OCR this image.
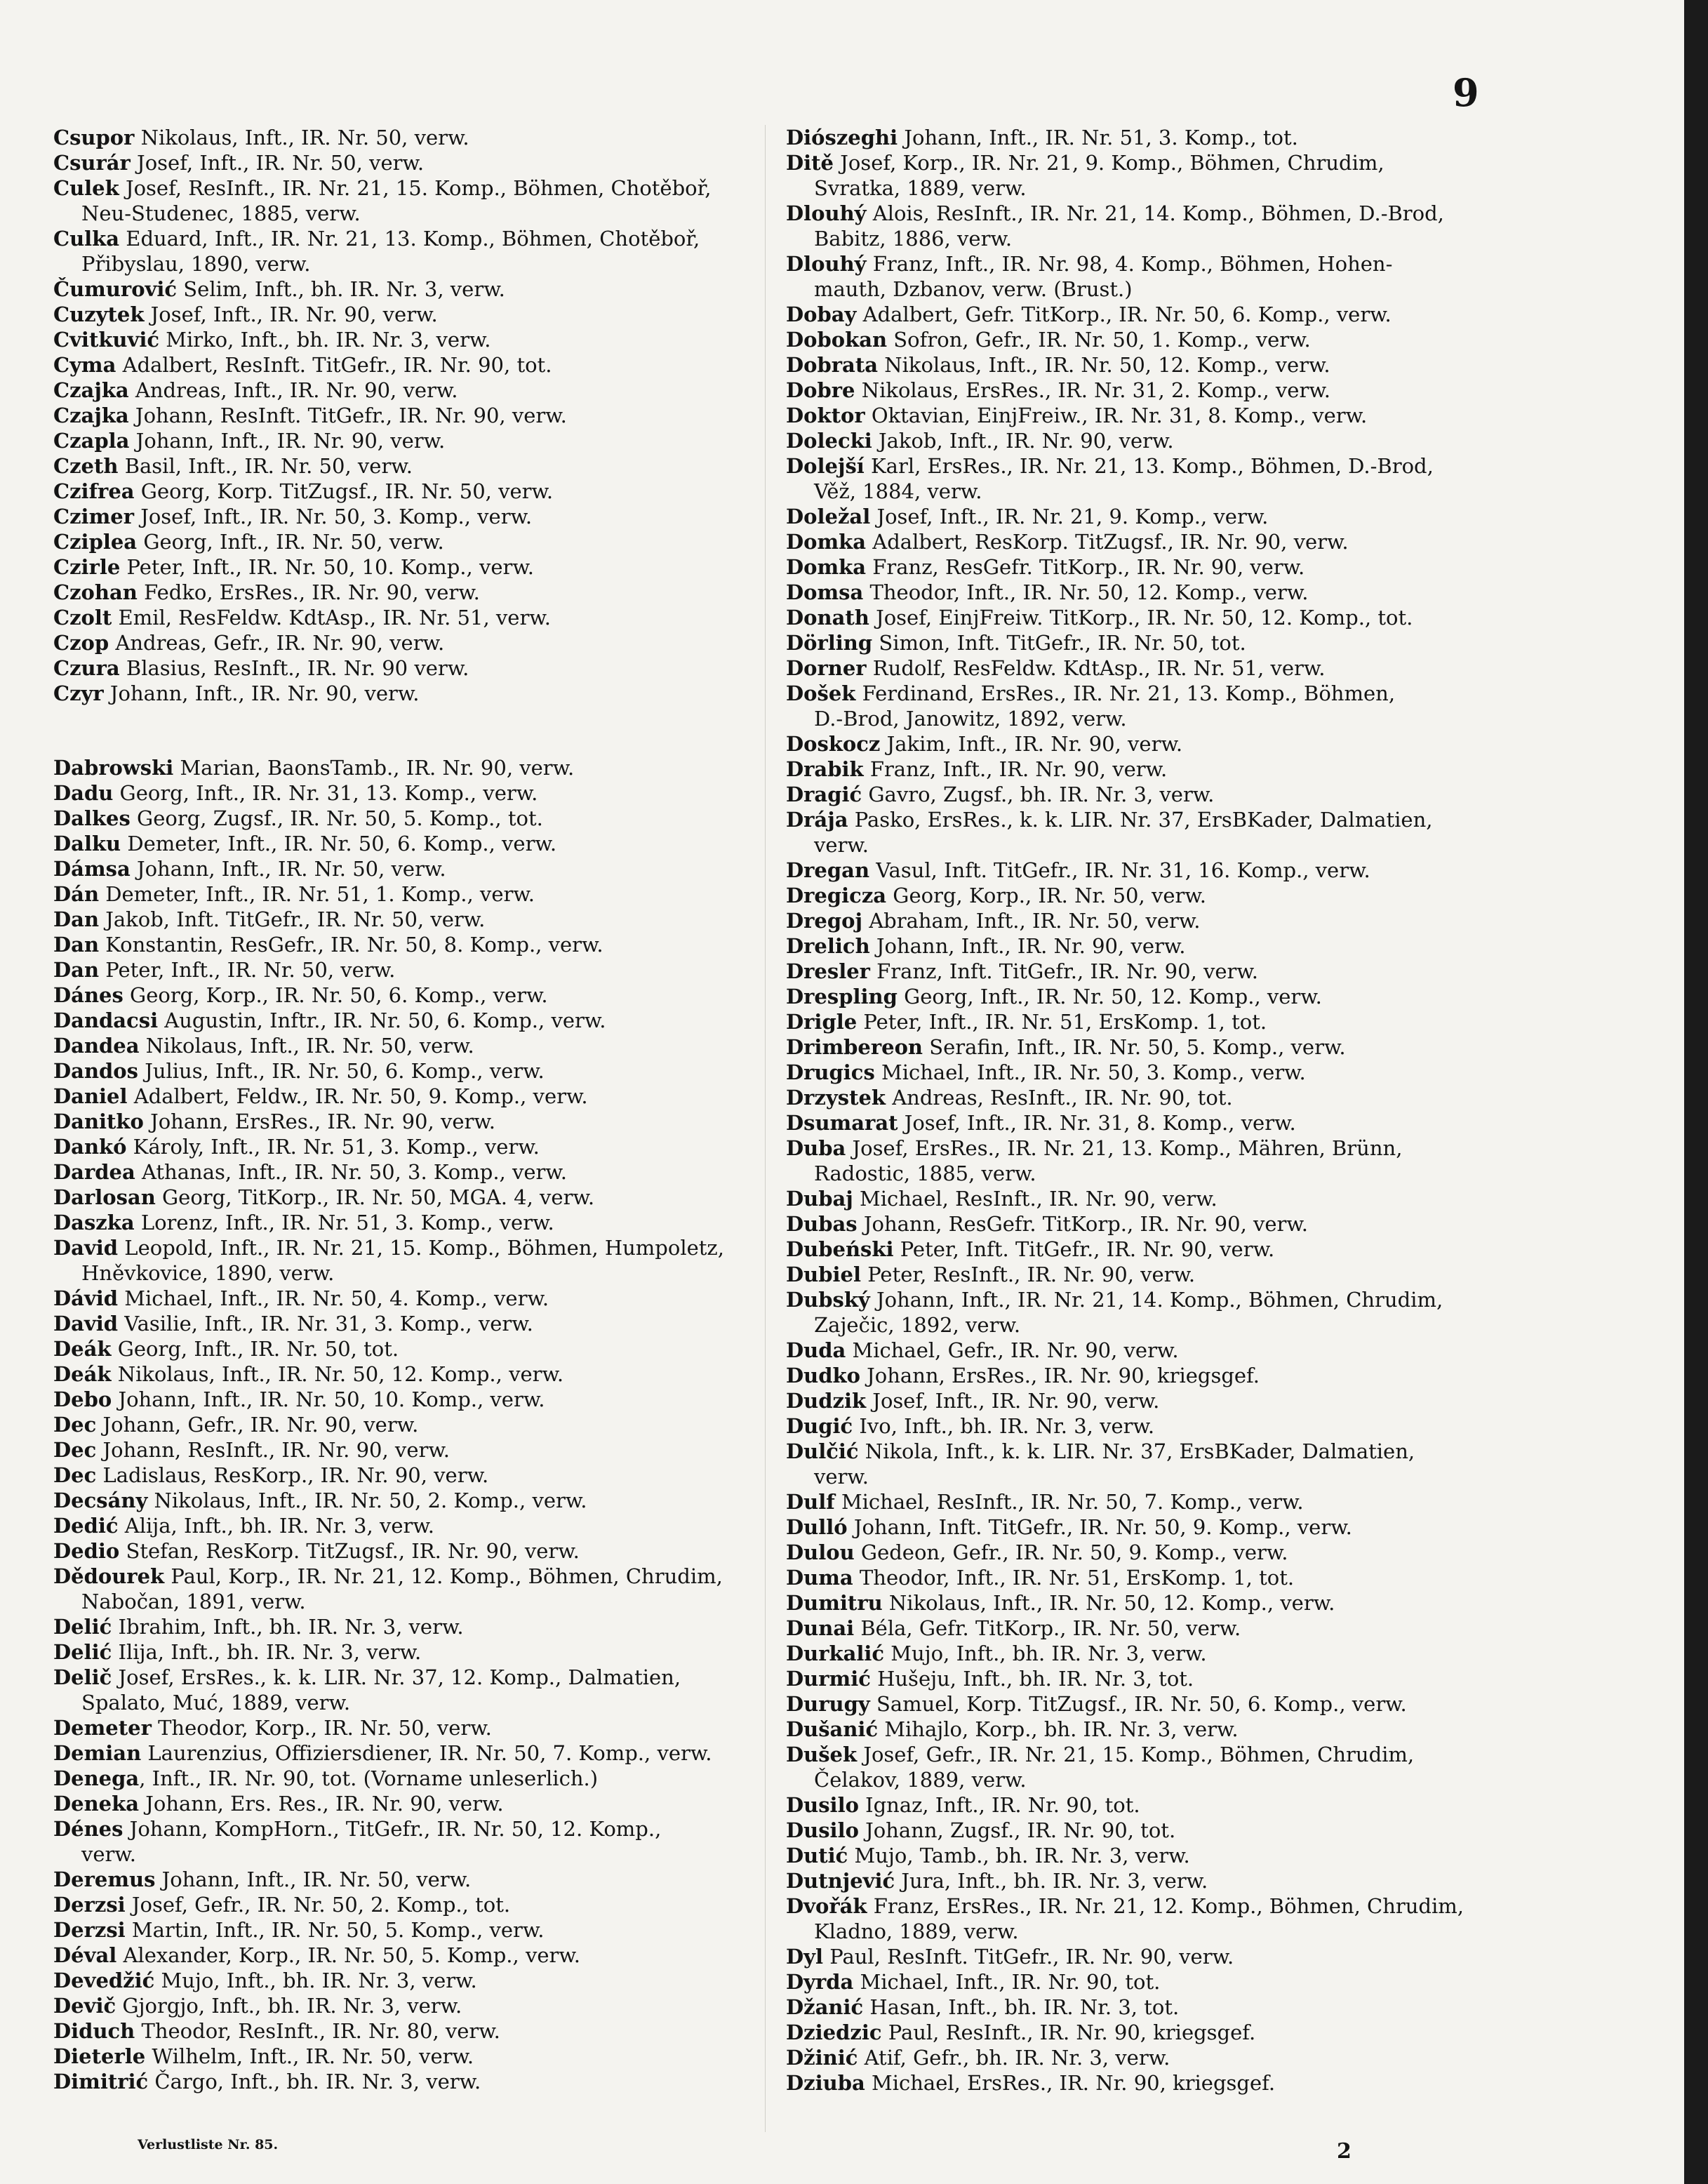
9
Csupor Nikolaus, Inft., IR. Nr. 50, verw.
Csurár Josef, Inft., IR. Nr. 50, verw.
Culek Josef, ResInft., IR. Nr. 21, 15. Komp., Böhmen, Chotěboř,
Neu-Studenec, 1885, verw.
Culka Eduard, Inft., IR. Nr. 21, 13. Komp., Böhmen, Chotěboř,
Přibyslau, 1890, verw.
Čumurović Selim, Inft., bh. IR. Nr. 3, verw.
Cuzytek Josef, Inft., IR. Nr. 90, verw.
Cvitkuvić Mirko, Inft., bh. IR. Nr. 3, verw.
Cyma Adalbert, ResInft. TitGefr., IR. Nr. 90, tot.
Czajka Andreas, Inft., IR. Nr. 90, verw.
Czajka Johann, ResInft. TitGefr., IR. Nr. 90, verw.
Czapla Johann, Inft., IR. Nr. 90, verw.
Czeth Basil, Inft., IR. Nr. 50, verw.
Czifrea Georg, Korp. TitZugsf., IR. Nr. 50, verw.
Czimer Josef, Inft., IR. Nr. 50, 3. Komp., verw.
Cziplea Georg, Inft., IR. Nr. 50, verw.
Czirle Peter, Inft., IR. Nr. 50, 10. Komp., verw.
Czohan Fedko, ErsRes., IR. Nr. 90, verw.
Czolt Emil, ResFeldw. KdtAsp., IR. Nr. 51, verw.
Czop Andreas, Gefr., IR. Nr. 90, verw.
Czura Blasius, ResInft., IR. Nr. 90 verw.
Czyr Johann, Inft., IR. Nr. 90, verw.
Dabrowski Marian, BaonsTamb., IR. Nr. 90, verw.
Dadu Georg, Inft., IR. Nr. 31, 13. Komp., verw.
Dalkes Georg, Zugsf., IR. Nr. 50, 5. Komp., tot.
Dalku Demeter, Inft., IR. Nr. 50, 6. Komp., verw.
Dámsa Johann, Inft., IR. Nr. 50, verw.
Dán Demeter, Inft., IR. Nr. 51, 1. Komp., verw.
Dan Jakob, Inft. TitGefr., IR. Nr. 50, verw.
Dan Konstantin, ResGefr., IR. Nr. 50, 8. Komp., verw.
Dan Peter, Inft., IR. Nr. 50, verw.
Dánes Georg, Korp., IR. Nr. 50, 6. Komp., verw.
Dandacsi Augustin, Inftr., IR. Nr. 50, 6. Komp., verw.
Dandea Nikolaus, Inft., IR. Nr. 50, verw.
Dandos Julius, Inft., IR. Nr. 50, 6. Komp., verw.
Daniel Adalbert, Feldw., IR. Nr. 50, 9. Komp., verw.
Danitko Johann, ErsRes., IR. Nr. 90, verw.
Dankó Károly, Inft., IR. Nr. 51, 3. Komp., verw.
Dardea Athanas, Inft., IR. Nr. 50, 3. Komp., verw.
Darlosan Georg, TitKorp., IR. Nr. 50, MGA. 4, verw.
Daszka Lorenz, Inft., IR. Nr. 51, 3. Komp., verw.
David Leopold, Inft., IR. Nr. 21, 15. Komp., Böhmen, Humpoletz,
Hněvkovice, 1890, verw.
Dávid Michael, Inft., IR. Nr. 50, 4. Komp., verw.
David Vasilie, Inft., IR. Nr. 31, 3. Komp., verw.
Deák Georg, Inft., IR. Nr. 50, tot.
Deák Nikolaus, Inft., IR. Nr. 50, 12. Komp., verw.
Debo Johann, Inft., IR. Nr. 50, 10. Komp., verw.
Dec Johann, Gefr., IR. Nr. 90, verw.
Dec Johann, ResInft., IR. Nr. 90, verw.
Dec Ladislaus, ResKorp., IR. Nr. 90, verw.
Decsány Nikolaus, Inft., IR. Nr. 50, 2. Komp., verw.
Dedić Alija, Inft., bh. IR. Nr. 3, verw.
Dedio Stefan, ResKorp. TitZugsf., IR. Nr. 90, verw.
Dědourek Paul, Korp., IR. Nr. 21, 12. Komp., Böhmen, Chrudim,
Nabočan, 1891, verw.
Delić Ibrahim, Inft., bh. IR. Nr. 3, verw.
Delić Ilija, Inft., bh. IR. Nr. 3, verw.
Delič Josef, ErsRes., k. k. LIR. Nr. 37, 12. Komp., Dalmatien,
Spalato, Muć, 1889, verw.
Demeter Theodor, Korp., IR. Nr. 50, verw.
Demian Laurenzius, Offiziersdiener, IR. Nr. 50, 7. Komp., verw.
Denega, Inft., IR. Nr. 90, tot. (Vorname unleserlich.)
Deneka Johann, Ers. Res., IR. Nr. 90, verw.
Dénes Johann, KompHorn., TitGefr., IR. Nr. 50, 12. Komp.,
verw.
Deremus Johann, Inft., IR. Nr. 50, verw.
Derzsi Josef, Gefr., IR. Nr. 50, 2. Komp., tot.
Derzsi Martin, Inft., IR. Nr. 50, 5. Komp., verw.
Déval Alexander, Korp., IR. Nr. 50, 5. Komp., verw.
Devedžić Mujo, Inft., bh. IR. Nr. 3, verw.
Devič Gjorgjo, Inft., bh. IR. Nr. 3, verw.
Diduch Theodor, ResInft., IR. Nr. 80, verw.
Dieterle Wilhelm, Inft., IR. Nr. 50, verw.
Dimitrić Čargo, Inft., bh. IR. Nr. 3, verw.
Diószeghi Johann, Inft., IR. Nr. 51, 3. Komp., tot.
Ditě Josef, Korp., IR. Nr. 21, 9. Komp., Böhmen, Chrudim,
Svratka, 1889, verw.
Dlouhý Alois, ResInft., IR. Nr. 21, 14. Komp., Böhmen, D.-Brod,
Babitz, 1886, verw.
Dlouhý Franz, Inft., IR. Nr. 98, 4. Komp., Böhmen, Hohen-
mauth, Dzbanov, verw. (Brust.)
Dobay Adalbert, Gefr. TitKorp., IR. Nr. 50, 6. Komp., verw.
Dobokan Sofron, Gefr., IR. Nr. 50, 1. Komp., verw.
Dobrata Nikolaus, Inft., IR. Nr. 50, 12. Komp., verw.
Dobre Nikolaus, ErsRes., IR. Nr. 31, 2. Komp., verw.
Doktor Oktavian, EinjFreiw., IR. Nr. 31, 8. Komp., verw.
Dolecki Jakob, Inft., IR. Nr. 90, verw.
Dolejší Karl, ErsRes., IR. Nr. 21, 13. Komp., Böhmen, D.-Brod,
Věž, 1884, verw.
Doležal Josef, Inft., IR. Nr. 21, 9. Komp., verw.
Domka Adalbert, ResKorp. TitZugsf., IR. Nr. 90, verw.
Domka Franz, ResGefr. TitKorp., IR. Nr. 90, verw.
Domsa Theodor, Inft., IR. Nr. 50, 12. Komp., verw.
Donath Josef, EinjFreiw. TitKorp., IR. Nr. 50, 12. Komp., tot.
Dörling Simon, Inft. TitGefr., IR. Nr. 50, tot.
Dorner Rudolf, ResFeldw. KdtAsp., IR. Nr. 51, verw.
Došek Ferdinand, ErsRes., IR. Nr. 21, 13. Komp., Böhmen,
D.-Brod, Janowitz, 1892, verw.
Doskocz Jakim, Inft., IR. Nr. 90, verw.
Drabik Franz, Inft., IR. Nr. 90, verw.
Dragić Gavro, Zugsf., bh. IR. Nr. 3, verw.
Drája Pasko, ErsRes., k. k. LIR. Nr. 37, ErsBKader, Dalmatien,
verw.
Dregan Vasul, Inft. TitGefr., IR. Nr. 31, 16. Komp., verw.
Dregicza Georg, Korp., IR. Nr. 50, verw.
Dregoj Abraham, Inft., IR. Nr. 50, verw.
Drelich Johann, Inft., IR. Nr. 90, verw.
Dresler Franz, Inft. TitGefr., IR. Nr. 90, verw.
Drespling Georg, Inft., IR. Nr. 50, 12. Komp., verw.
Drigle Peter, Inft., IR. Nr. 51, ErsKomp. 1, tot.
Drimbereon Serafin, Inft., IR. Nr. 50, 5. Komp., verw.
Drugics Michael, Inft., IR. Nr. 50, 3. Komp., verw.
Drzystek Andreas, ResInft., IR. Nr. 90, tot.
Dsumarat Josef, Inft., IR. Nr. 31, 8. Komp., verw.
Duba Josef, ErsRes., IR. Nr. 21, 13. Komp., Mähren, Brünn,
Radostic, 1885, verw.
Dubaj Michael, ResInft., IR. Nr. 90, verw.
Dubas Johann, ResGefr. TitKorp., IR. Nr. 90, verw.
Dubeński Peter, Inft. TitGefr., IR. Nr. 90, verw.
Dubiel Peter, ResInft., IR. Nr. 90, verw.
Dubský Johann, Inft., IR. Nr. 21, 14. Komp., Böhmen, Chrudim,
Zaječic, 1892, verw.
Duda Michael, Gefr., IR. Nr. 90, verw.
Dudko Johann, ErsRes., IR. Nr. 90, kriegsgef.
Dudzik Josef, Inft., IR. Nr. 90, verw.
Dugić Ivo, Inft., bh. IR. Nr. 3, verw.
Dulčić Nikola, Inft., k. k. LIR. Nr. 37, ErsBKader, Dalmatien,
verw.
Dulf Michael, ResInft., IR. Nr. 50, 7. Komp., verw.
Dulló Johann, Inft. TitGefr., IR. Nr. 50, 9. Komp., verw.
Dulou Gedeon, Gefr., IR. Nr. 50, 9. Komp., verw.
Duma Theodor, Inft., IR. Nr. 51, ErsKomp. 1, tot.
Dumitru Nikolaus, Inft., IR. Nr. 50, 12. Komp., verw.
Dunai Béla, Gefr. TitKorp., IR. Nr. 50, verw.
Durkalić Mujo, Inft., bh. IR. Nr. 3, verw.
Durmić Hušeju, Inft., bh. IR. Nr. 3, tot.
Durugy Samuel, Korp. TitZugsf., IR. Nr. 50, 6. Komp., verw.
Dušanić Mihajlo, Korp., bh. IR. Nr. 3, verw.
Dušek Josef, Gefr., IR. Nr. 21, 15. Komp., Böhmen, Chrudim,
Čelakov, 1889, verw.
Dusilo Ignaz, Inft., IR. Nr. 90, tot.
Dusilo Johann, Zugsf., IR. Nr. 90, tot.
Dutić Mujo, Tamb., bh. IR. Nr. 3, verw.
Dutnjević Jura, Inft., bh. IR. Nr. 3, verw.
Dvořák Franz, ErsRes., IR. Nr. 21, 12. Komp., Böhmen, Chrudim,
Kladno, 1889, verw.
Dyl Paul, ResInft. TitGefr., IR. Nr. 90, verw.
Dyrda Michael, Inft., IR. Nr. 90, tot.
Džanić Hasan, Inft., bh. IR. Nr. 3, tot.
Dziedzic Paul, ResInft., IR. Nr. 90, kriegsgef.
Džinić Atif, Gefr., bh. IR. Nr. 3, verw.
Dziuba Michael, ErsRes., IR. Nr. 90, kriegsgef.
Verlustliste Nr. 85.	2
